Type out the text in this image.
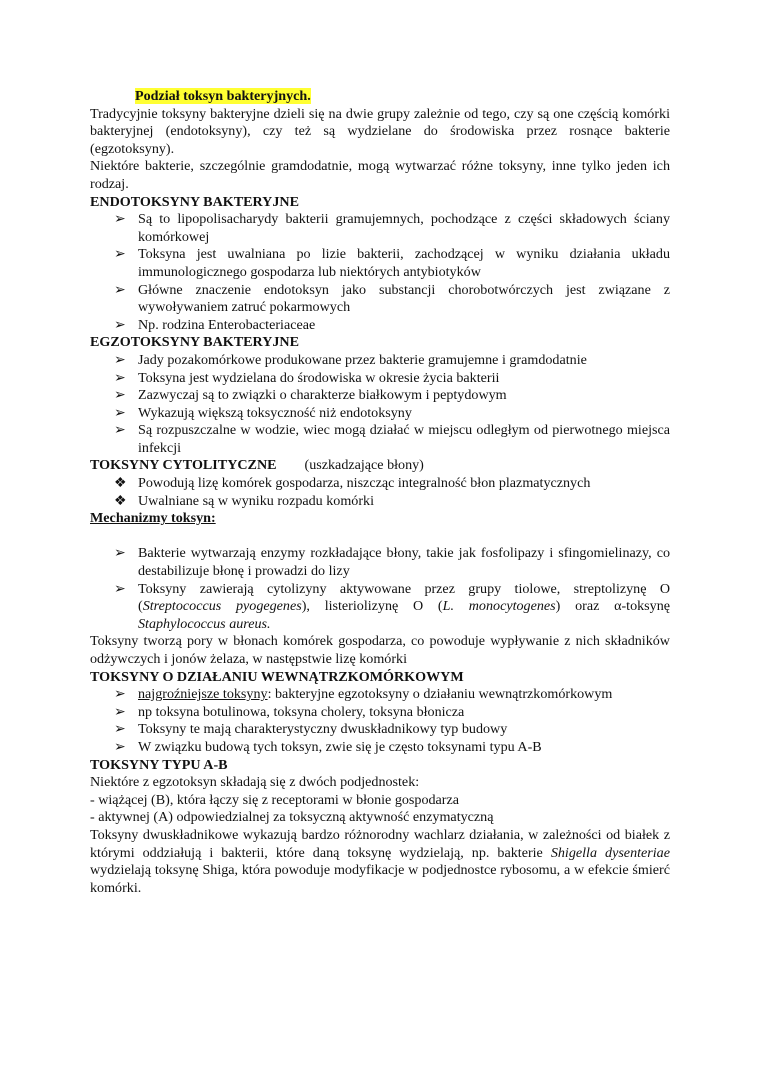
Podział toksyn bakteryjnych.

Tradycyjnie toksyny bakteryjne dzieli się na dwie grupy zależnie od tego, czy są one częścią komórki bakteryjnej (endotoksyny), czy też są wydzielane do środowiska przez rosnące bakterie (egzotoksyny).

Niektóre bakterie, szczególnie gramdodatnie, mogą wytwarzać różne toksyny, inne tylko jeden ich rodzaj.

ENDOTOKSYNY BAKTERYJNE
➢ Są to lipopolisacharydy bakterii gramujemnych, pochodzące z części składowych ściany komórkowej
➢ Toksyna jest uwalniana po lizie bakterii, zachodzącej w wyniku działania układu immunologicznego gospodarza lub niektórych antybiotyków
➢ Główne znaczenie endotoksyn jako substancji chorobotwórczych jest związane z wywoływaniem zatruć pokarmowych
➢ Np. rodzina Enterobacteriaceae
EGZOTOKSYNY BAKTERYJNE
➢ Jady pozakomórkowe produkowane przez bakterie gramujemne i gramdodatnie
➢ Toksyna jest wydzielana do środowiska w okresie życia bakterii
➢ Zazwyczaj są to związki o charakterze białkowym i peptydowym
➢ Wykazują większą toksyczność niż endotoksyny
➢ Są rozpuszczalne w wodzie, wiec mogą działać w miejscu odległym od pierwotnego miejsca infekcji
TOKSYNY CYTOLITYCZNE (uszkadzające błony)
❖ Powodują lizę komórek gospodarza, niszcząc integralność błon plazmatycznych
❖ Uwalniane są w wyniku rozpadu komórki
Mechanizmy toksyn:
➢ Bakterie wytwarzają enzymy rozkładające błony, takie jak fosfolipazy i sfingomielinazy, co destabilizuje błonę i prowadzi do lizy
➢ Toksyny zawierają cytolizyny aktywowane przez grupy tiolowe, streptolizynę O (Streptococcus pyogegenes), listeriolizynę O (L. monocytogenes) oraz α-toksynę Staphylococcus aureus.

Toksyny tworzą pory w błonach komórek gospodarza, co powoduje wypływanie z nich składników odżywczych i jonów żelaza, w następstwie lizę komórki

TOKSYNY O DZIAŁANIU WEWNĄTRZKOMÓRKOWYM
➢ najgroźniejsze toksyny: bakteryjne egzotoksyny o działaniu wewnątrzkomórkowym
➢ np toksyna botulinowa, toksyna cholery, toksyna błonicza
➢ Toksyny te mają charakterystyczny dwuskładnikowy typ budowy
➢ W związku budową tych toksyn, zwie się je często toksynami typu A-B
TOKSYNY TYPU A-B

Niektóre z egzotoksyn składają się z dwóch podjednostek:

- wiążącej (B), która łączy się z receptorami w błonie gospodarza

- aktywnej (A) odpowiedzialnej za toksyczną aktywność enzymatyczną

Toksyny dwuskładnikowe wykazują bardzo różnorodny wachlarz działania, w zależności od białek z którymi oddziałują i bakterii, które daną toksynę wydzielają, np. bakterie Shigella dysenteriae wydzielają toksynę Shiga, która powoduje modyfikacje w podjednostce rybosomu, a w efekcie śmierć komórki.
